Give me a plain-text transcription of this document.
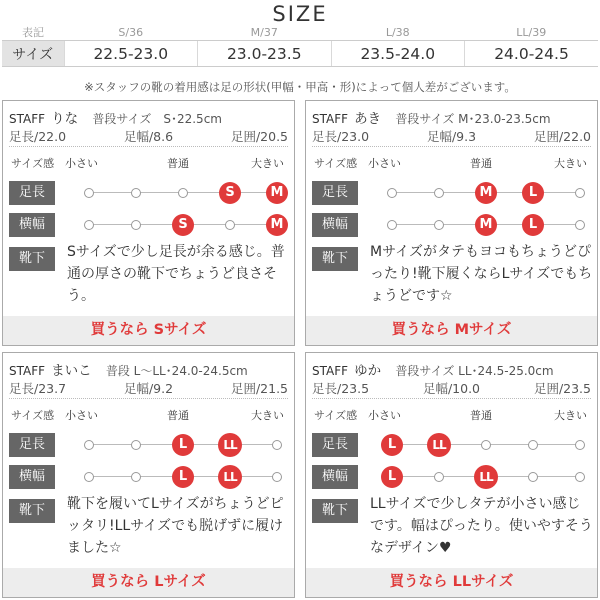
SIZE
表記	S/36	M/37	L/38	LL/39
サイズ	22.5-23.0	23.0-23.5	23.5-24.0	24.0-24.5
※スタッフの靴の着用感は足の形状(甲幅・甲高・形)によって個人差がございます。
STAFF りな 普段サイズ　S･22.5cm
足長/22.0	足幅/8.6	足囲/20.5
サイズ感 小さい	普通	大きい
靴下	Sサイズで少し足長が余る感じ。普通の厚さの靴下でちょうど良さそう。
買うなら Sサイズ
足長	S	M
横幅	S	M
STAFF あき 普段サイズ M･23.0-23.5cm
足長/23.0	足幅/9.3	足囲/22.0
サイズ感 小さい	普通	大きい
靴下	Mサイズがタテもヨコもちょうどぴったり!靴下履くならLサイズでもちょうどです☆
買うなら Mサイズ
足長	M	L
横幅	M	L
STAFF まいこ 普段 L〜LL･24.0-24.5cm
足長/23.7	足幅/9.2	足囲/21.5
サイズ感 小さい	普通	大きい
靴下	靴下を履いてLサイズがちょうどピッタリ!LLサイズでも脱げずに履けました☆
買うなら Lサイズ
足長	L	LL
横幅	L	LL
STAFF ゆか 普段サイズ LL･24.5-25.0cm
足長/23.5	足幅/10.0	足囲/23.5
サイズ感 小さい	普通	大きい
靴下	LLサイズで少しタテが小さい感じです。幅はぴったり。使いやすそうなデザイン♥
買うなら LLサイズ
足長	L	LL
横幅	L	LL
